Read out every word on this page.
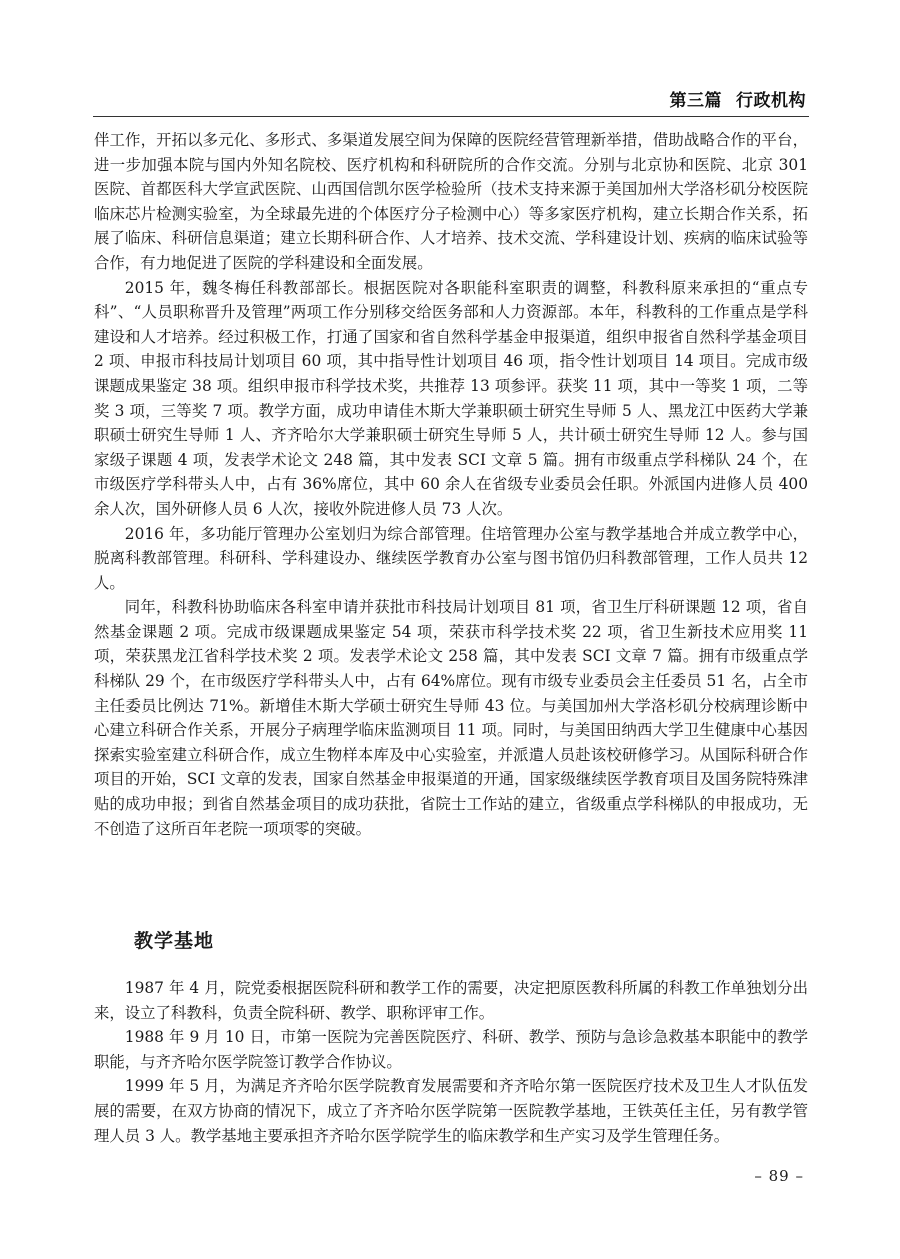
第三篇 行政机构

伴工作，开拓以多元化、多形式、多渠道发展空间为保障的医院经营管理新举措，借助战略合作的平台，进一步加强本院与国内外知名院校、医疗机构和科研院所的合作交流。分别与北京协和医院、北京 301 医院、首都医科大学宣武医院、山西国信凯尔医学检验所（技术支持来源于美国加州大学洛杉矶分校医院临床芯片检测实验室，为全球最先进的个体医疗分子检测中心）等多家医疗机构，建立长期合作关系，拓展了临床、科研信息渠道；建立长期科研合作、人才培养、技术交流、学科建设计划、疾病的临床试验等合作，有力地促进了医院的学科建设和全面发展。

2015 年，魏冬梅任科教部部长。根据医院对各职能科室职责的调整，科教科原来承担的“重点专科”、“人员职称晋升及管理”两项工作分别移交给医务部和人力资源部。本年，科教科的工作重点是学科建设和人才培养。经过积极工作，打通了国家和省自然科学基金申报渠道，组织申报省自然科学基金项目 2 项、申报市科技局计划项目 60 项，其中指导性计划项目 46 项，指令性计划项目 14 项目。完成市级课题成果鉴定 38 项。组织申报市科学技术奖，共推荐 13 项参评。获奖 11 项，其中一等奖 1 项，二等奖 3 项，三等奖 7 项。教学方面，成功申请佳木斯大学兼职硕士研究生导师 5 人、黑龙江中医药大学兼职硕士研究生导师 1 人、齐齐哈尔大学兼职硕士研究生导师 5 人，共计硕士研究生导师 12 人。参与国家级子课题 4 项，发表学术论文 248 篇，其中发表 SCI 文章 5 篇。拥有市级重点学科梯队 24 个，在市级医疗学科带头人中，占有 36%席位，其中 60 余人在省级专业委员会任职。外派国内进修人员 400 余人次，国外研修人员 6 人次，接收外院进修人员 73 人次。

2016 年，多功能厅管理办公室划归为综合部管理。住培管理办公室与教学基地合并成立教学中心，脱离科教部管理。科研科、学科建设办、继续医学教育办公室与图书馆仍归科教部管理，工作人员共 12 人。

同年，科教科协助临床各科室申请并获批市科技局计划项目 81 项，省卫生厅科研课题 12 项，省自然基金课题 2 项。完成市级课题成果鉴定 54 项，荣获市科学技术奖 22 项，省卫生新技术应用奖 11 项，荣获黑龙江省科学技术奖 2 项。发表学术论文 258 篇，其中发表 SCI 文章 7 篇。拥有市级重点学科梯队 29 个，在市级医疗学科带头人中，占有 64%席位。现有市级专业委员会主任委员 51 名，占全市主任委员比例达 71%。新增佳木斯大学硕士研究生导师 43 位。与美国加州大学洛杉矶分校病理诊断中心建立科研合作关系，开展分子病理学临床监测项目 11 项。同时，与美国田纳西大学卫生健康中心基因探索实验室建立科研合作，成立生物样本库及中心实验室，并派遣人员赴该校研修学习。从国际科研合作项目的开始，SCI 文章的发表，国家自然基金申报渠道的开通，国家级继续医学教育项目及国务院特殊津贴的成功申报；到省自然基金项目的成功获批，省院士工作站的建立，省级重点学科梯队的申报成功，无不创造了这所百年老院一项项零的突破。

教学基地

1987 年 4 月，院党委根据医院科研和教学工作的需要，决定把原医教科所属的科教工作单独划分出来，设立了科教科，负责全院科研、教学、职称评审工作。

1988 年 9 月 10 日，市第一医院为完善医院医疗、科研、教学、预防与急诊急救基本职能中的教学职能，与齐齐哈尔医学院签订教学合作协议。

1999 年 5 月，为满足齐齐哈尔医学院教育发展需要和齐齐哈尔第一医院医疗技术及卫生人才队伍发展的需要，在双方协商的情况下，成立了齐齐哈尔医学院第一医院教学基地，王铁英任主任，另有教学管理人员 3 人。教学基地主要承担齐齐哈尔医学院学生的临床教学和生产实习及学生管理任务。

– 89 –
